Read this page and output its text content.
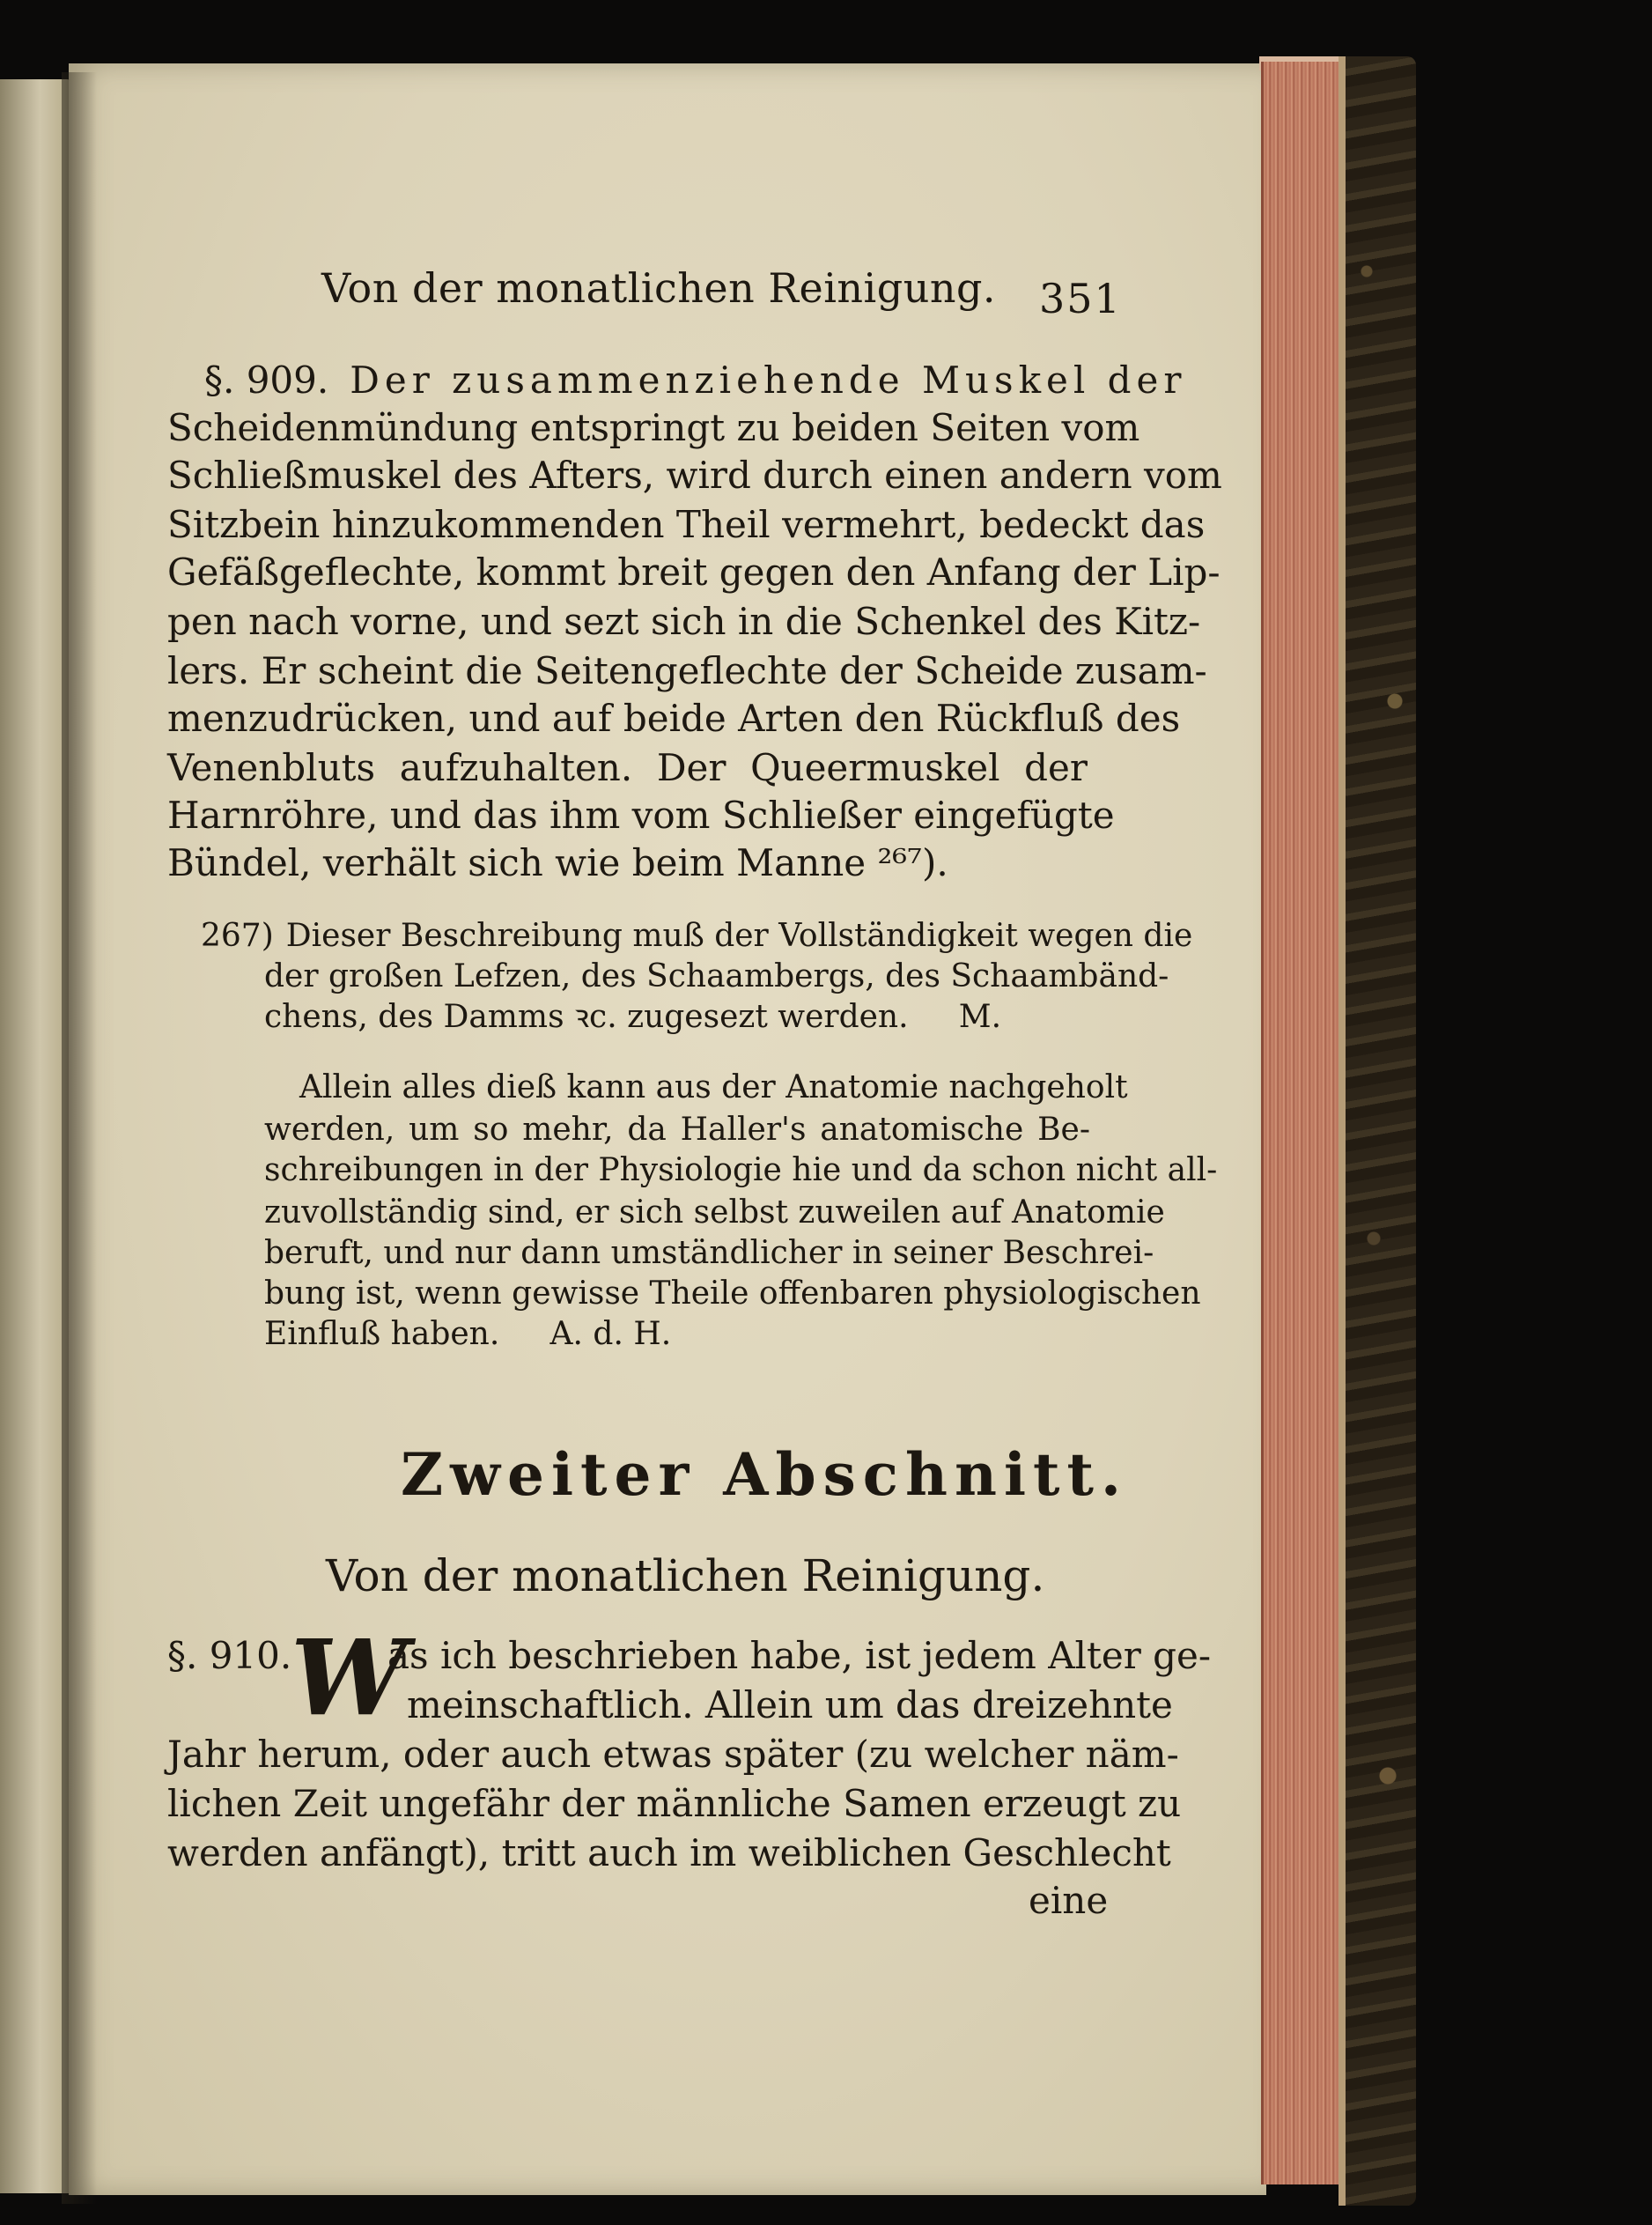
Von der monatlichen Reinigung. 351
§. 909. Der zusammenziehende Muskel der
Scheidenmündung entspringt zu beiden Seiten vom
Schließmuskel des Afters, wird durch einen andern vom
Sitzbein hinzukommenden Theil vermehrt, bedeckt das
Gefäßgeflechte, kommt breit gegen den Anfang der Lip-
pen nach vorne, und sezt sich in die Schenkel des Kitz-
lers. Er scheint die Seitengeflechte der Scheide zusam-
menzudrücken, und auf beide Arten den Rückfluß des
Venenbluts aufzuhalten. Der Queermuskel der
Harnröhre, und das ihm vom Schließer eingefügte
Bündel, verhält sich wie beim Manne ²⁶⁷).
267) Dieser Beschreibung muß der Vollständigkeit wegen die
der großen Lefzen, des Schaambergs, des Schaambänd-
chens, des Damms ꝛc. zugesezt werden.     M.
Allein alles dieß kann aus der Anatomie nachgeholt
werden, um so mehr, da Haller's anatomische Be-
schreibungen in der Physiologie hie und da schon nicht all-
zuvollständig sind, er sich selbst zuweilen auf Anatomie
beruft, und nur dann umständlicher in seiner Beschrei-
bung ist, wenn gewisse Theile offenbaren physiologischen
Einfluß haben.     A. d. H.
Zweiter Abschnitt.
Von der monatlichen Reinigung.
§. 910.
W
as ich beschrieben habe, ist jedem Alter ge-
meinschaftlich. Allein um das dreizehnte
Jahr herum, oder auch etwas später (zu welcher näm-
lichen Zeit ungefähr der männliche Samen erzeugt zu
werden anfängt), tritt auch im weiblichen Geschlecht
eine
